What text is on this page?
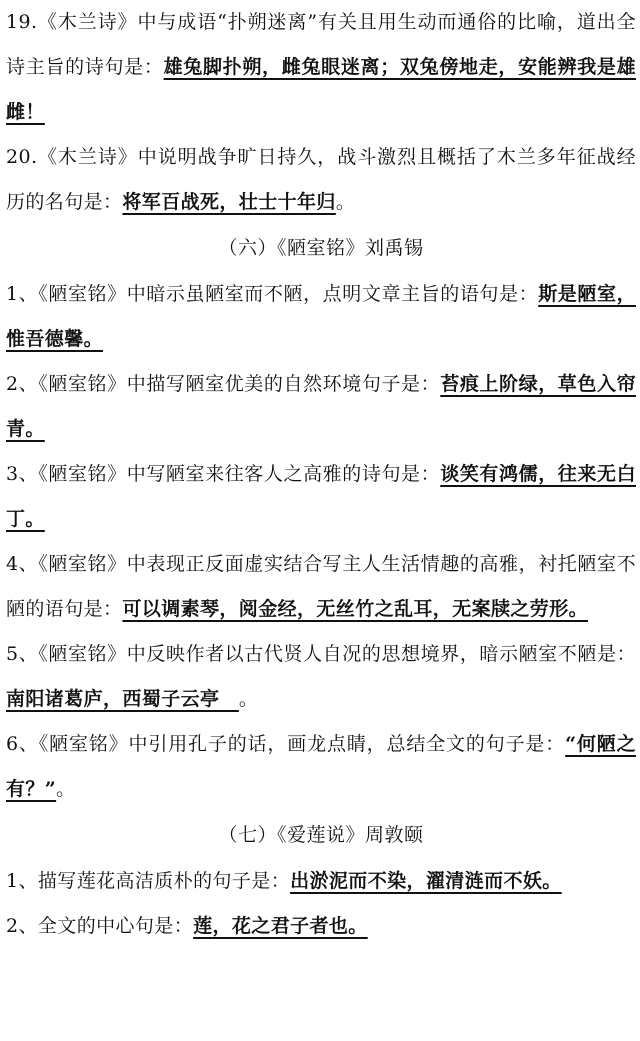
19.《木兰诗》中与成语“扑朔迷离”有关且用生动而通俗的比喻，道出全诗主旨的诗句是：雄兔脚扑朔，雌兔眼迷离；双兔傍地走，安能辨我是雄雌！

20.《木兰诗》中说明战争旷日持久，战斗激烈且概括了木兰多年征战经历的名句是：将军百战死，壮士十年归。

（六）《陋室铭》刘禹锡

1、《陋室铭》中暗示虽陋室而不陋，点明文章主旨的语句是：斯是陋室，惟吾德馨。

2、《陋室铭》中描写陋室优美的自然环境句子是：苔痕上阶绿，草色入帘青。

3、《陋室铭》中写陋室来往客人之高雅的诗句是：谈笑有鸿儒，往来无白丁。

4、《陋室铭》中表现正反面虚实结合写主人生活情趣的高雅，衬托陋室不陋的语句是：可以调素琴，阅金经，无丝竹之乱耳，无案牍之劳形。

5、《陋室铭》中反映作者以古代贤人自况的思想境界，暗示陋室不陋是：南阳诸葛庐，西蜀子云亭　。

6、《陋室铭》中引用孔子的话，画龙点睛，总结全文的句子是：“何陋之有？”。

（七）《爱莲说》周敦颐

1、描写莲花高洁质朴的句子是：出淤泥而不染，濯清涟而不妖。

2、全文的中心句是：莲，花之君子者也。
